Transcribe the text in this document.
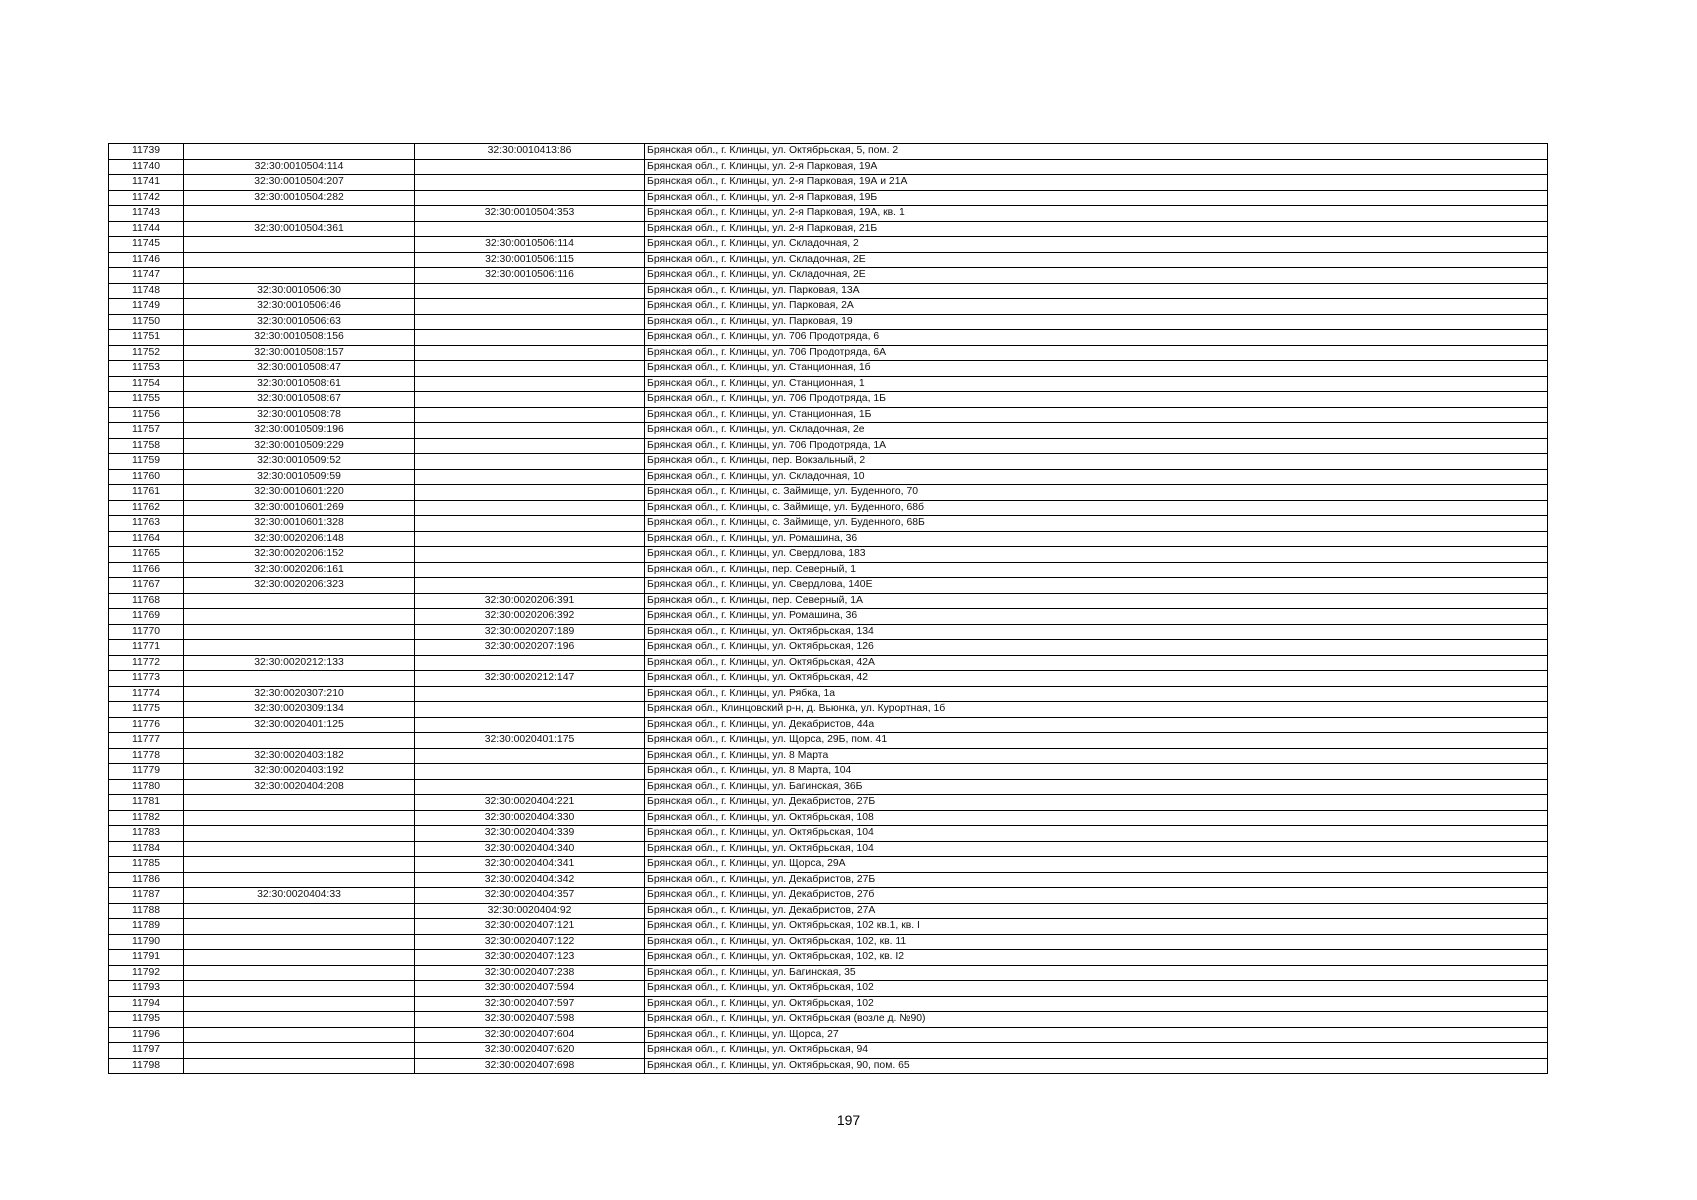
11739		32:30:0010413:86	Брянская обл., г. Клинцы, ул. Октябрьская, 5, пом. 2
11740	32:30:0010504:114		Брянская обл., г. Клинцы, ул. 2-я Парковая, 19А
11741	32:30:0010504:207		Брянская обл., г. Клинцы, ул. 2-я Парковая, 19А и 21А
11742	32:30:0010504:282		Брянская обл., г. Клинцы, ул. 2-я Парковая, 19Б
11743		32:30:0010504:353	Брянская обл., г. Клинцы, ул. 2-я Парковая, 19А, кв. 1
11744	32:30:0010504:361		Брянская обл., г. Клинцы, ул. 2-я Парковая, 21Б
11745		32:30:0010506:114	Брянская обл., г. Клинцы, ул. Складочная, 2
11746		32:30:0010506:115	Брянская обл., г. Клинцы, ул. Складочная, 2Е
11747		32:30:0010506:116	Брянская обл., г. Клинцы, ул. Складочная, 2Е
11748	32:30:0010506:30		Брянская обл., г. Клинцы, ул. Парковая, 13А
11749	32:30:0010506:46		Брянская обл., г. Клинцы, ул. Парковая, 2А
11750	32:30:0010506:63		Брянская обл., г. Клинцы, ул. Парковая, 19
11751	32:30:0010508:156		Брянская обл., г. Клинцы, ул. 706 Продотряда, 6
11752	32:30:0010508:157		Брянская обл., г. Клинцы, ул. 706 Продотряда, 6А
11753	32:30:0010508:47		Брянская обл., г. Клинцы, ул. Станционная, 1б
11754	32:30:0010508:61		Брянская обл., г. Клинцы, ул. Станционная, 1
11755	32:30:0010508:67		Брянская обл., г. Клинцы, ул. 706 Продотряда, 1Б
11756	32:30:0010508:78		Брянская обл., г. Клинцы, ул. Станционная, 1Б
11757	32:30:0010509:196		Брянская обл., г. Клинцы, ул. Складочная, 2е
11758	32:30:0010509:229		Брянская обл., г. Клинцы, ул. 706 Продотряда, 1А
11759	32:30:0010509:52		Брянская обл., г. Клинцы, пер. Вокзальный, 2
11760	32:30:0010509:59		Брянская обл., г. Клинцы, ул. Складочная, 10
11761	32:30:0010601:220		Брянская обл., г. Клинцы, с. Займище, ул. Буденного, 70
11762	32:30:0010601:269		Брянская обл., г. Клинцы, с. Займище, ул. Буденного, 68б
11763	32:30:0010601:328		Брянская обл., г. Клинцы, с. Займище, ул. Буденного, 68Б
11764	32:30:0020206:148		Брянская обл., г. Клинцы, ул. Ромашина, 36
11765	32:30:0020206:152		Брянская обл., г. Клинцы, ул. Свердлова, 183
11766	32:30:0020206:161		Брянская обл., г. Клинцы, пер. Северный, 1
11767	32:30:0020206:323		Брянская обл., г. Клинцы, ул. Свердлова, 140Е
11768		32:30:0020206:391	Брянская обл., г. Клинцы, пер. Северный, 1А
11769		32:30:0020206:392	Брянская обл., г. Клинцы, ул. Ромашина, 36
11770		32:30:0020207:189	Брянская обл., г. Клинцы, ул. Октябрьская, 134
11771		32:30:0020207:196	Брянская обл., г. Клинцы, ул. Октябрьская, 126
11772	32:30:0020212:133		Брянская обл., г. Клинцы, ул. Октябрьская, 42А
11773		32:30:0020212:147	Брянская обл., г. Клинцы, ул. Октябрьская, 42
11774	32:30:0020307:210		Брянская обл., г. Клинцы, ул. Рябка, 1а
11775	32:30:0020309:134		Брянская обл., Клинцовский р-н, д. Вьюнка, ул. Курортная, 1б
11776	32:30:0020401:125		Брянская обл., г. Клинцы, ул. Декабристов, 44а
11777		32:30:0020401:175	Брянская обл., г. Клинцы, ул. Щорса, 29Б, пом. 41
11778	32:30:0020403:182		Брянская обл., г. Клинцы, ул. 8 Марта
11779	32:30:0020403:192		Брянская обл., г. Клинцы, ул. 8 Марта, 104
11780	32:30:0020404:208		Брянская обл., г. Клинцы, ул. Багинская, 36Б
11781		32:30:0020404:221	Брянская обл., г. Клинцы, ул. Декабристов, 27Б
11782		32:30:0020404:330	Брянская обл., г. Клинцы, ул. Октябрьская, 108
11783		32:30:0020404:339	Брянская обл., г. Клинцы, ул. Октябрьская, 104
11784		32:30:0020404:340	Брянская обл., г. Клинцы, ул. Октябрьская, 104
11785		32:30:0020404:341	Брянская обл., г. Клинцы, ул. Щорса, 29А
11786		32:30:0020404:342	Брянская обл., г. Клинцы, ул. Декабристов, 27Б
11787	32:30:0020404:33	32:30:0020404:357	Брянская обл., г. Клинцы, ул. Декабристов, 27б
11788		32:30:0020404:92	Брянская обл., г. Клинцы, ул. Декабристов, 27А
11789		32:30:0020407:121	Брянская обл., г. Клинцы, ул. Октябрьская, 102 кв.1, кв. I
11790		32:30:0020407:122	Брянская обл., г. Клинцы, ул. Октябрьская, 102, кв. 11
11791		32:30:0020407:123	Брянская обл., г. Клинцы, ул. Октябрьская, 102, кв. I2
11792		32:30:0020407:238	Брянская обл., г. Клинцы, ул. Багинская, 35
11793		32:30:0020407:594	Брянская обл., г. Клинцы, ул. Октябрьская, 102
11794		32:30:0020407:597	Брянская обл., г. Клинцы, ул. Октябрьская, 102
11795		32:30:0020407:598	Брянская обл., г. Клинцы, ул. Октябрьская (возле д. №90)
11796		32:30:0020407:604	Брянская обл., г. Клинцы, ул. Щорса, 27
11797		32:30:0020407:620	Брянская обл., г. Клинцы, ул. Октябрьская, 94
11798		32:30:0020407:698	Брянская обл., г. Клинцы, ул. Октябрьская, 90, пом. 65
197
